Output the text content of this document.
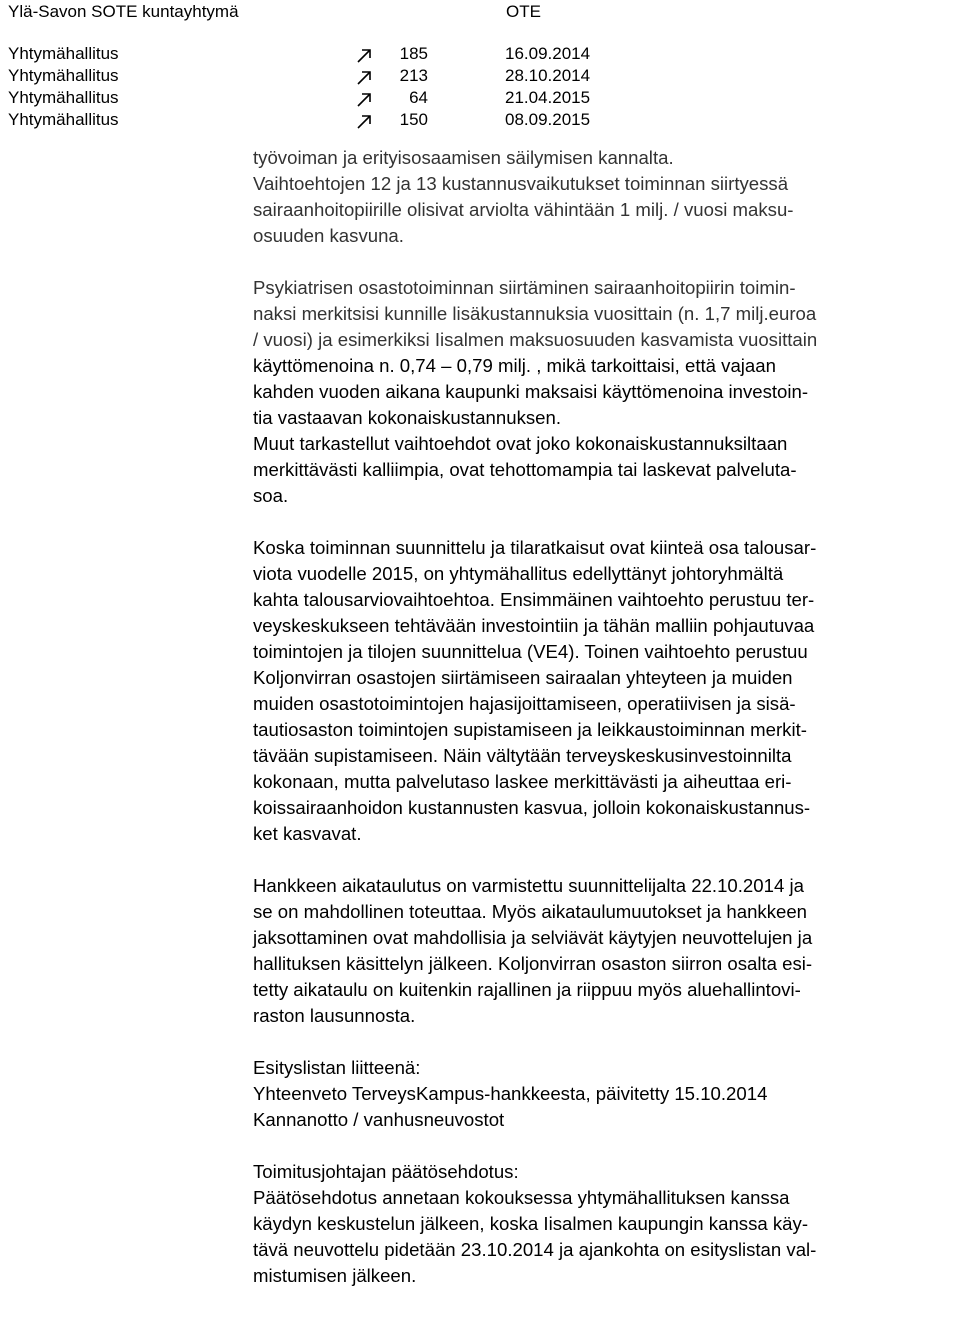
Ylä-Savon SOTE kuntayhtymä	OTE
Yhtymähallitus	185	16.09.2014
Yhtymähallitus	213	28.10.2014
Yhtymähallitus	64	21.04.2015
Yhtymähallitus	150	08.09.2015

työvoiman ja erityisosaamisen säilymisen kannalta.

Vaihtoehtojen 12 ja 13 kustannusvaikutukset toiminnan siirtyessä

sairaanhoitopiirille olisivat arviolta vähintään 1 milj. / vuosi maksu-

osuuden kasvuna.

Psykiatrisen osastotoiminnan siirtäminen sairaanhoitopiirin toimin-

naksi merkitsisi kunnille lisäkustannuksia vuosittain (n. 1,7 milj.euroa

/ vuosi) ja esimerkiksi Iisalmen maksuosuuden kasvamista vuosittain

käyttömenoina n. 0,74 – 0,79 milj. , mikä tarkoittaisi, että vajaan

kahden vuoden aikana kaupunki maksaisi käyttömenoina investoin-

tia vastaavan kokonaiskustannuksen.

Muut tarkastellut vaihtoehdot ovat joko kokonaiskustannuksiltaan

merkittävästi kalliimpia, ovat tehottomampia tai laskevat palveluta-

soa.

Koska toiminnan suunnittelu ja tilaratkaisut ovat kiinteä osa talousar-

viota vuodelle 2015, on yhtymähallitus edellyttänyt johtoryhmältä

kahta talousarviovaihtoehtoa. Ensimmäinen vaihtoehto perustuu ter-

veyskeskukseen tehtävään investointiin ja tähän malliin pohjautuvaa

toimintojen ja tilojen suunnittelua (VE4). Toinen vaihtoehto perustuu

Koljonvirran osastojen siirtämiseen sairaalan yhteyteen ja muiden

muiden osastotoimintojen hajasijoittamiseen, operatiivisen ja sisä-

tautiosaston toimintojen supistamiseen ja leikkaustoiminnan merkit-

tävään supistamiseen. Näin vältytään terveyskeskusinvestoinnilta

kokonaan, mutta palvelutaso laskee merkittävästi ja aiheuttaa eri-

koissairaanhoidon kustannusten kasvua, jolloin kokonaiskustannus-

ket kasvavat.

Hankkeen aikataulutus on varmistettu suunnittelijalta 22.10.2014 ja

se on mahdollinen toteuttaa. Myös aikataulumuutokset ja hankkeen

jaksottaminen ovat mahdollisia ja selviävät käytyjen neuvottelujen ja

hallituksen käsittelyn jälkeen. Koljonvirran osaston siirron osalta esi-

tetty aikataulu on kuitenkin rajallinen ja riippuu myös aluehallintovi-

raston lausunnosta.

Esityslistan liitteenä:

Yhteenveto TerveysKampus-hankkeesta, päivitetty 15.10.2014

Kannanotto / vanhusneuvostot

Toimitusjohtajan päätösehdotus:

Päätösehdotus annetaan kokouksessa yhtymähallituksen kanssa

käydyn keskustelun jälkeen, koska Iisalmen kaupungin kanssa käy-

tävä neuvottelu pidetään 23.10.2014 ja ajankohta on esityslistan val-

mistumisen jälkeen.
